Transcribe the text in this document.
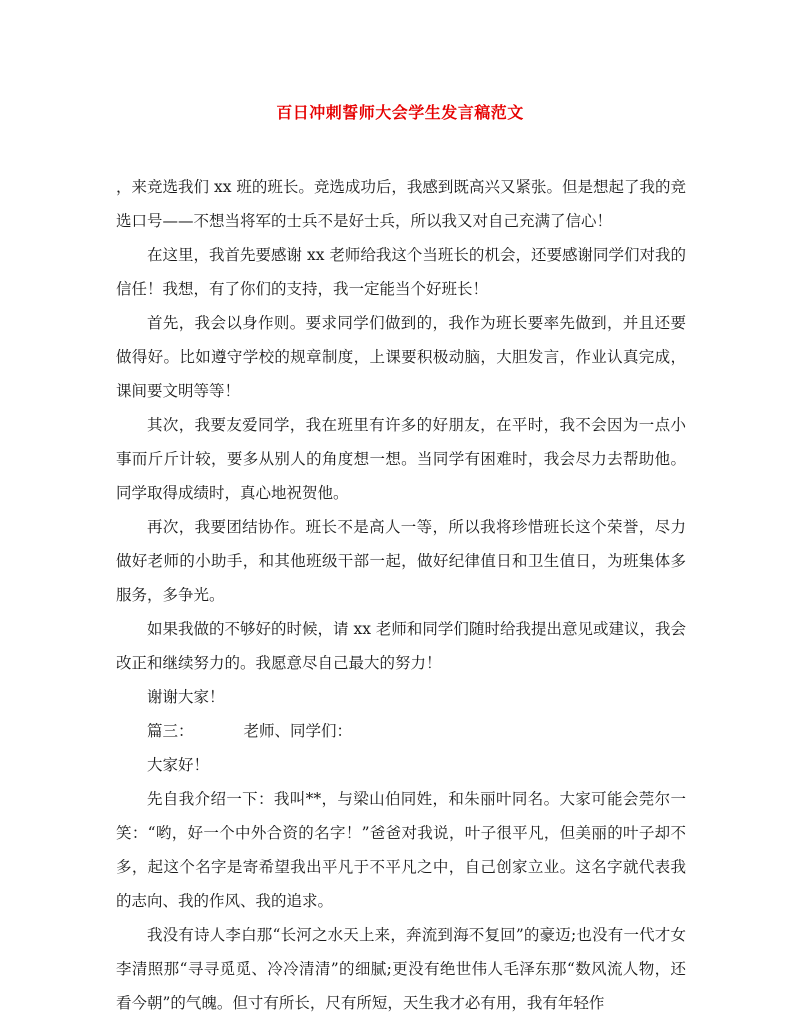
百日冲刺誓师大会学生发言稿范文

，来竞选我们 xx 班的班长。竞选成功后，我感到既高兴又紧张。但是想起了我的竞选口号——不想当将军的士兵不是好士兵，所以我又对自己充满了信心！

在这里，我首先要感谢 xx 老师给我这个当班长的机会，还要感谢同学们对我的信任！我想，有了你们的支持，我一定能当个好班长！

首先，我会以身作则。要求同学们做到的，我作为班长要率先做到，并且还要做得好。比如遵守学校的规章制度，上课要积极动脑，大胆发言，作业认真完成，课间要文明等等！

其次，我要友爱同学，我在班里有许多的好朋友，在平时，我不会因为一点小事而斤斤计较，要多从别人的角度想一想。当同学有困难时，我会尽力去帮助他。同学取得成绩时，真心地祝贺他。

再次，我要团结协作。班长不是高人一等，所以我将珍惜班长这个荣誉，尽力做好老师的小助手，和其他班级干部一起，做好纪律值日和卫生值日，为班集体多服务，多争光。

如果我做的不够好的时候，请 xx 老师和同学们随时给我提出意见或建议，我会改正和继续努力的。我愿意尽自己最大的努力！

谢谢大家！

篇三：	老师、同学们：

大家好！

先自我介绍一下：我叫**，与梁山伯同姓，和朱丽叶同名。大家可能会莞尔一笑：“哟，好一个中外合资的名字！”爸爸对我说，叶子很平凡，但美丽的叶子却不多，起这个名字是寄希望我出平凡于不平凡之中，自己创家立业。这名字就代表我的志向、我的作风、我的追求。

我没有诗人李白那“长河之水天上来，奔流到海不复回”的豪迈;也没有一代才女李清照那“寻寻觅觅、冷冷清清”的细腻;更没有绝世伟人毛泽东那“数风流人物，还看今朝”的气魄。但寸有所长，尺有所短，天生我才必有用，我有年轻作
